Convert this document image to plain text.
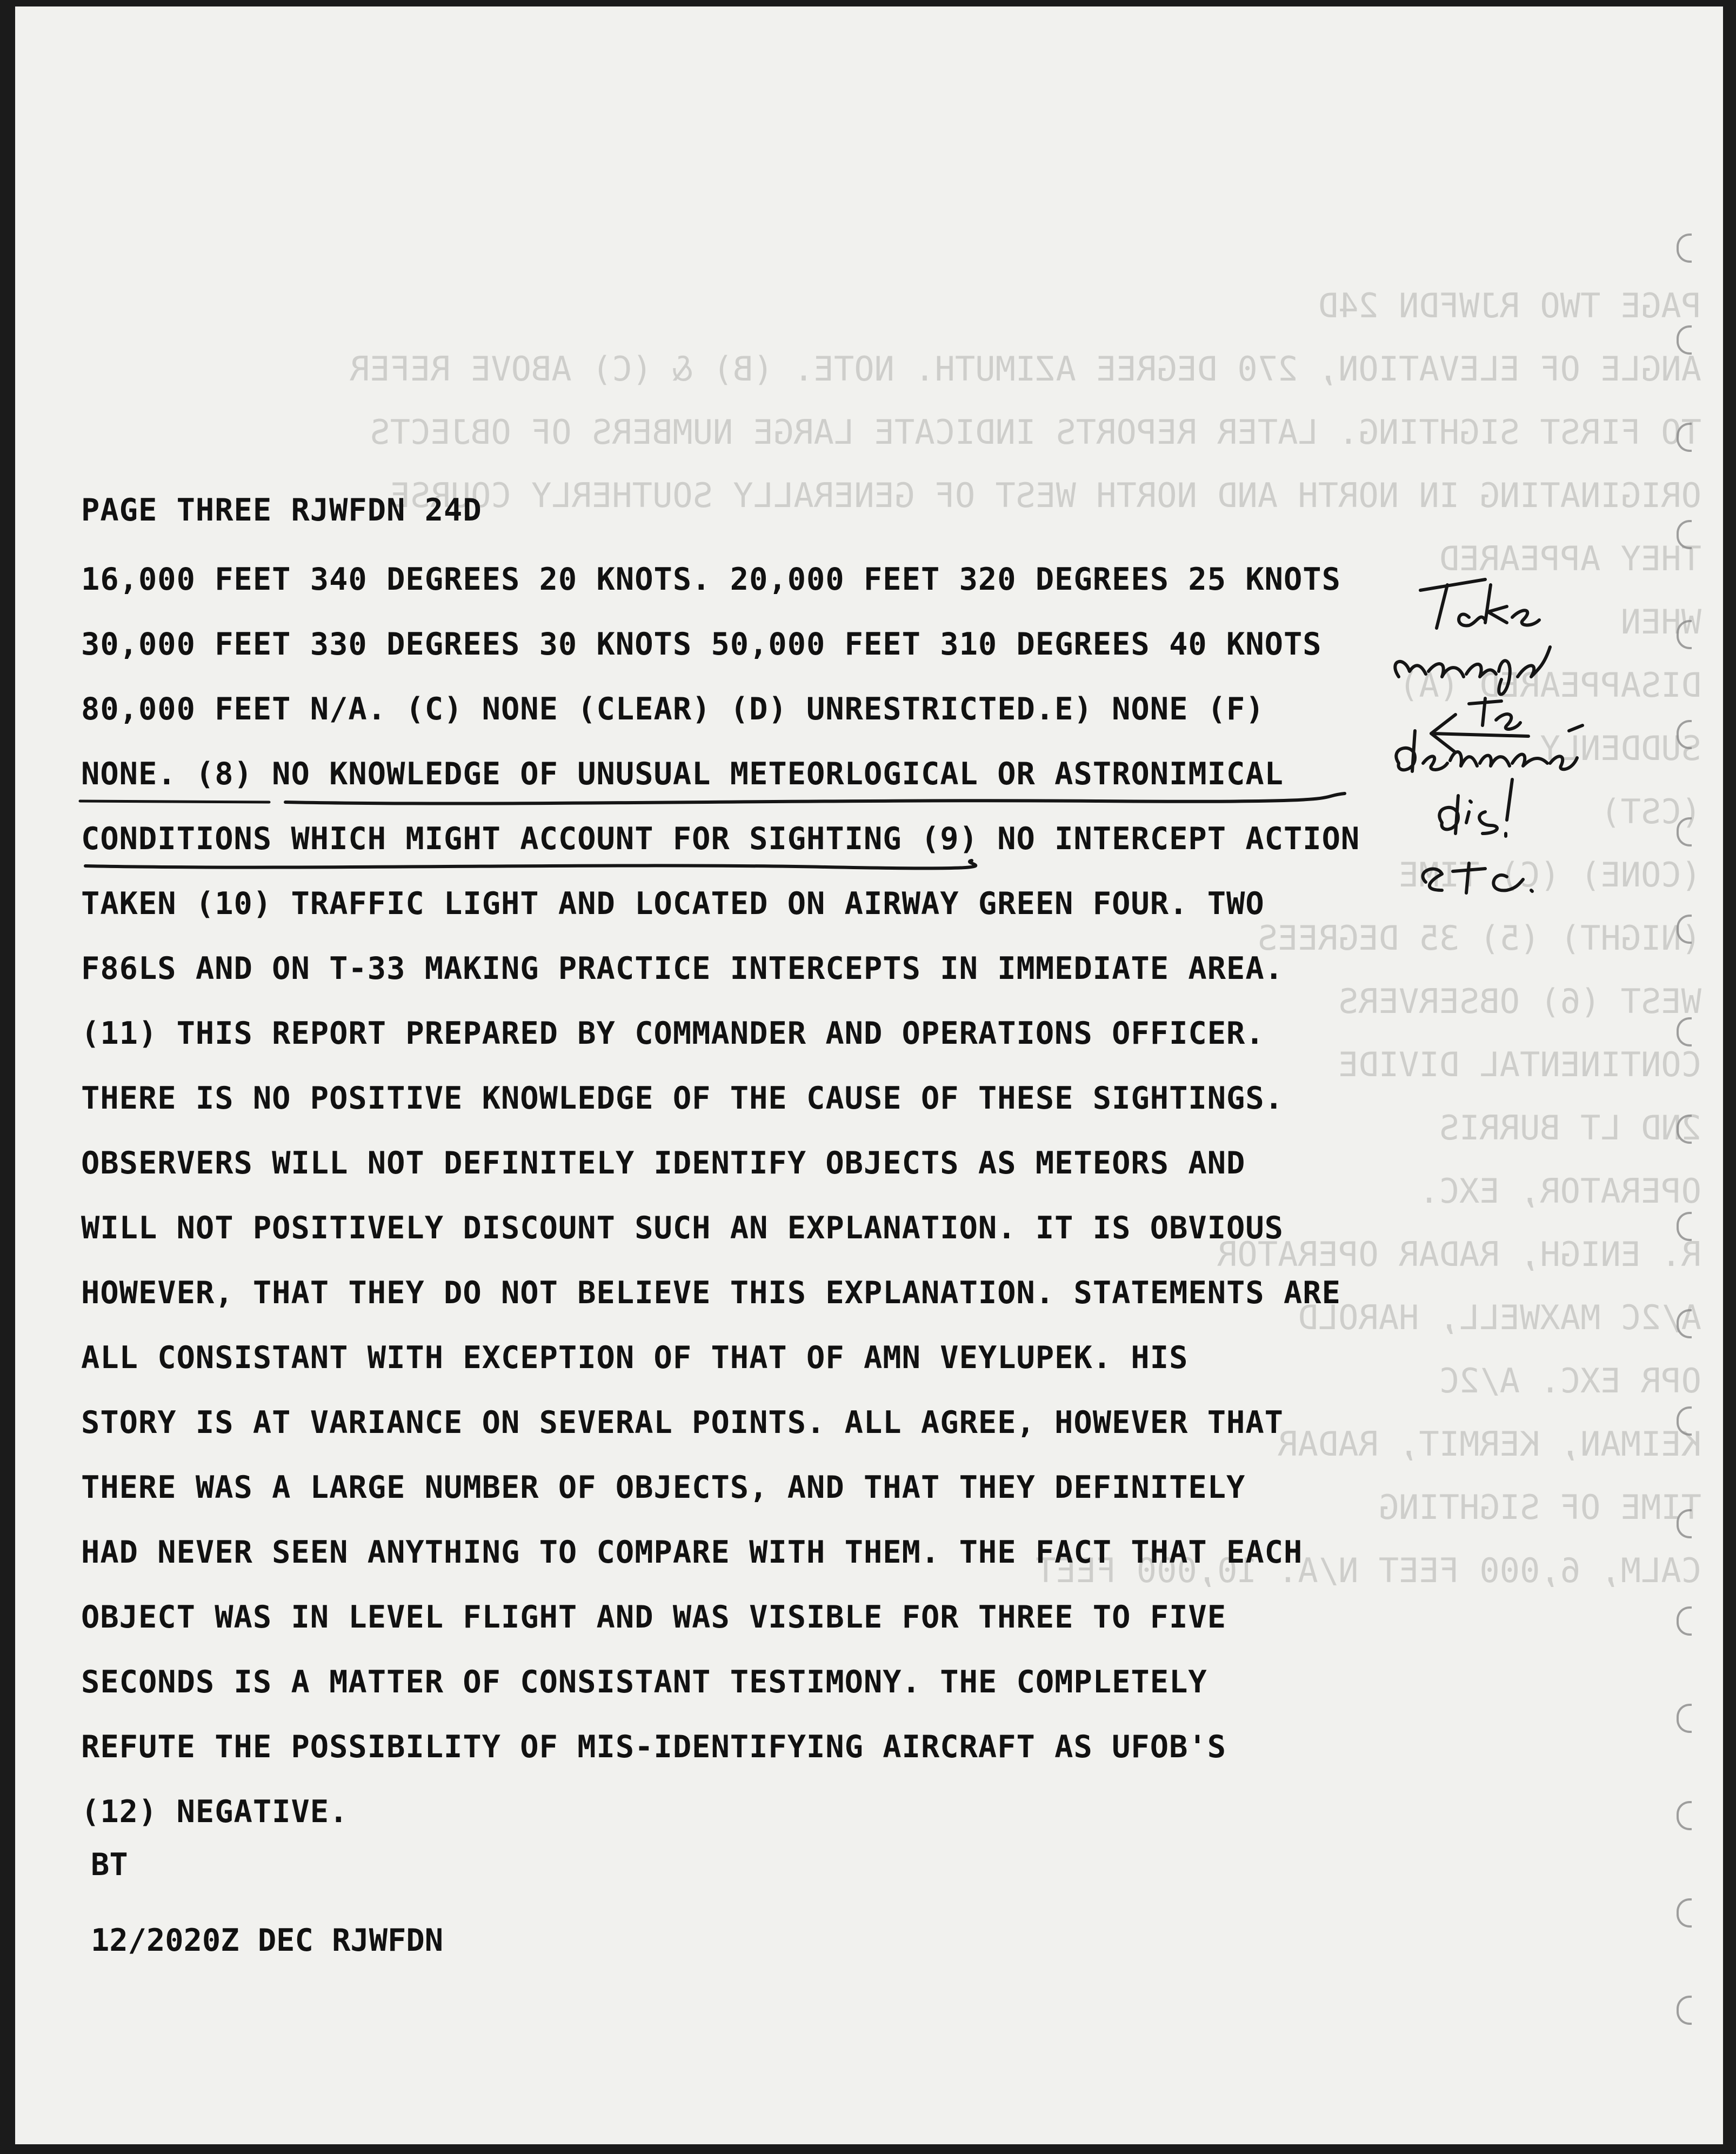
PAGE TWO RJWFDN 24D
ANGLE OF ELEVATION, 270 DEGREE AZIMUTH. NOTE. (B) & (C) ABOVE REFER
TO FIRST SIGHTING. LATER REPORTS INDICATE LARGE NUMBERS OF OBJECTS
ORIGINATING IN NORTH AND NORTH WEST OF GENERALLY SOUTHERLY COURSE
THEY APPEARED
WHEN
DISAPPEARED (A)
SUDDENLY
(CST)
(CONE) (C) TIME
(NIGHT) (5) 35 DEGREES
WEST (6) OBSERVERS
CONTINENTAL DIVIDE
2ND LT BURRIS
OPERATOR, EXC.
R. ENIGH, RADAR OPERATOR
A/2C MAXWELL, HAROLD
OPR EXC. A/2C
KEIMAN, KERMIT, RADAR
TIME OF SIGHTING
CALM, 6,000 FEET N/A. 10,000 FEET
PAGE THREE RJWFDN 24D
16,000 FEET 340 DEGREES 20 KNOTS. 20,000 FEET 320 DEGREES 25 KNOTS
30,000 FEET 330 DEGREES 30 KNOTS 50,000 FEET 310 DEGREES 40 KNOTS
80,000 FEET N/A. (C) NONE (CLEAR) (D) UNRESTRICTED.E) NONE (F)
NONE. (8) NO KNOWLEDGE OF UNUSUAL METEORLOGICAL OR ASTRONIMICAL
CONDITIONS WHICH MIGHT ACCOUNT FOR SIGHTING (9) NO INTERCEPT ACTION
TAKEN (10) TRAFFIC LIGHT AND LOCATED ON AIRWAY GREEN FOUR. TWO
F86LS AND ON T-33 MAKING PRACTICE INTERCEPTS IN IMMEDIATE AREA.
(11) THIS REPORT PREPARED BY COMMANDER AND OPERATIONS OFFICER.
THERE IS NO POSITIVE KNOWLEDGE OF THE CAUSE OF THESE SIGHTINGS.
OBSERVERS WILL NOT DEFINITELY IDENTIFY OBJECTS AS METEORS AND
WILL NOT POSITIVELY DISCOUNT SUCH AN EXPLANATION. IT IS OBVIOUS
HOWEVER, THAT THEY DO NOT BELIEVE THIS EXPLANATION. STATEMENTS ARE
ALL CONSISTANT WITH EXCEPTION OF THAT OF AMN VEYLUPEK. HIS
STORY IS AT VARIANCE ON SEVERAL POINTS. ALL AGREE, HOWEVER THAT
THERE WAS A LARGE NUMBER OF OBJECTS, AND THAT THEY DEFINITELY
HAD NEVER SEEN ANYTHING TO COMPARE WITH THEM. THE FACT THAT EACH
OBJECT WAS IN LEVEL FLIGHT AND WAS VISIBLE FOR THREE TO FIVE
SECONDS IS A MATTER OF CONSISTANT TESTIMONY. THE COMPLETELY
REFUTE THE POSSIBILITY OF MIS-IDENTIFYING AIRCRAFT AS UFOB'S
(12) NEGATIVE.
BT
12/2020Z DEC RJWFDN
